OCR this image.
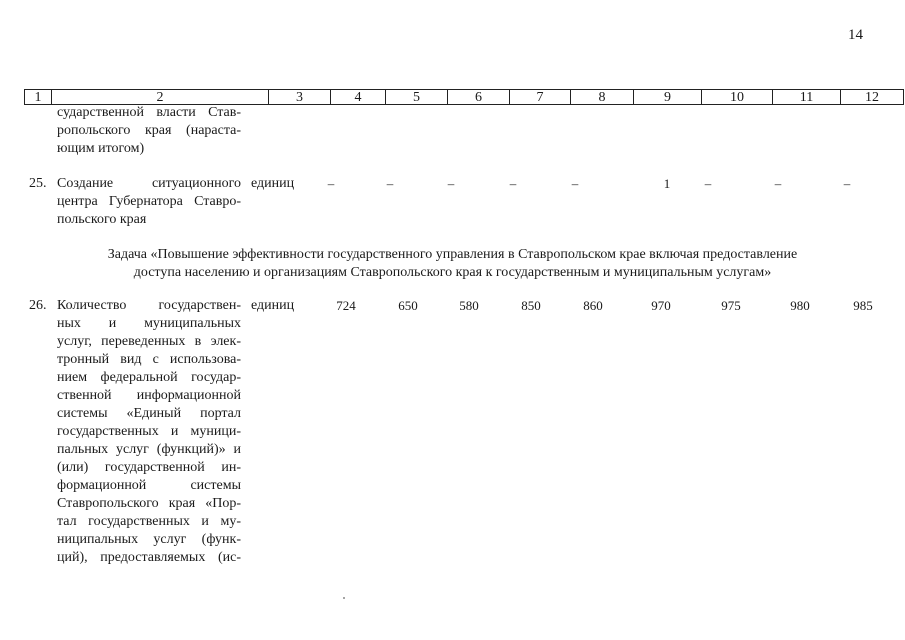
14
1	2	3	4	5	6	7	8	9	10	11	12
сударственной власти Став-
ропольского края (нараста-
ющим итогом)
25. Создание ситуационного
центра Губернатора Ставро-
польского края
единиц	–	–	–	–	–	1	–	–	–
Задача «Повышение эффективности государственного управления в Ставропольском крае включая предоставление
доступа населению и организациям Ставропольского края к государственным и муниципальным услугам»
26. Количество государствен-
ных и муниципальных
услуг, переведенных в элек-
тронный вид с использова-
нием федеральной государ-
ственной информационной
системы «Единый портал
государственных и муници-
пальных услуг (функций)» и
(или) государственной ин-
формационной системы
Ставропольского края «Пор-
тал государственных и му-
ниципальных услуг (функ-
ций), предоставляемых (ис-
единиц	724	650	580	850	860	970	975	980	985
